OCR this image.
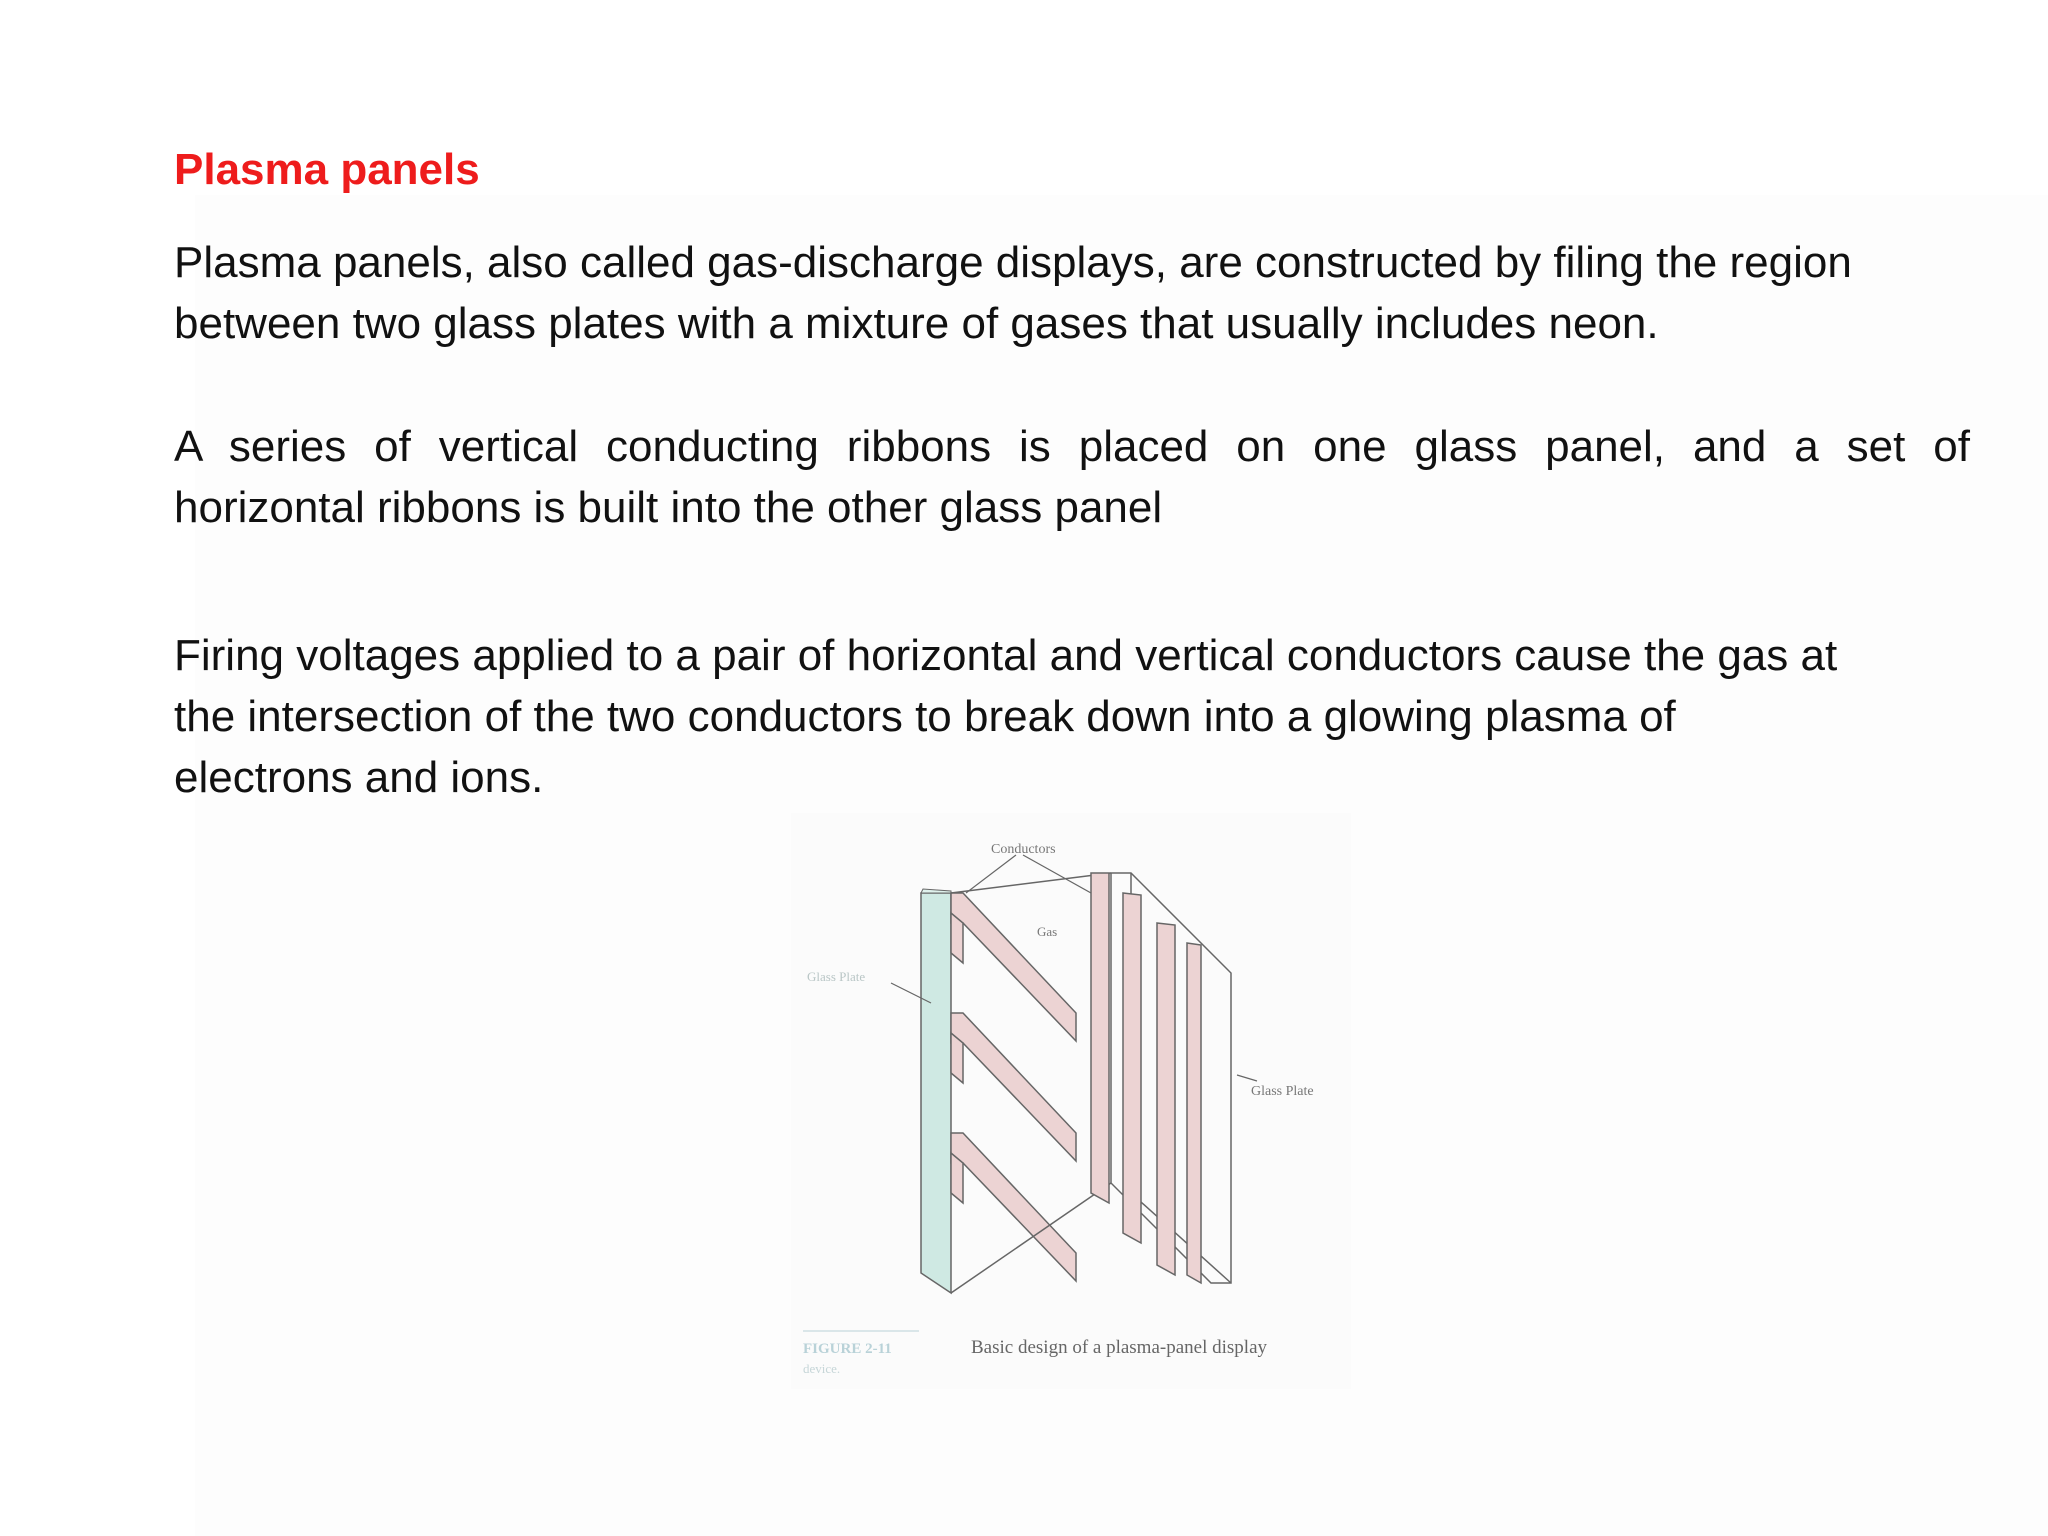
Plasma panels
Plasma panels, also called gas-discharge displays, are constructed by filing the region
between two glass plates with a mixture of gases that usually includes neon.
A series of vertical conducting ribbons is placed on one glass panel, and a set of
horizontal ribbons is built into the other glass panel
Firing voltages applied to a pair of horizontal and vertical conductors cause the gas at
the intersection of the two conductors to break down into a glowing plasma of
electrons and ions.
Conductors
Gas
Glass Plate
Glass Plate
FIGURE 2-11
device.
Basic design of a plasma-panel display
